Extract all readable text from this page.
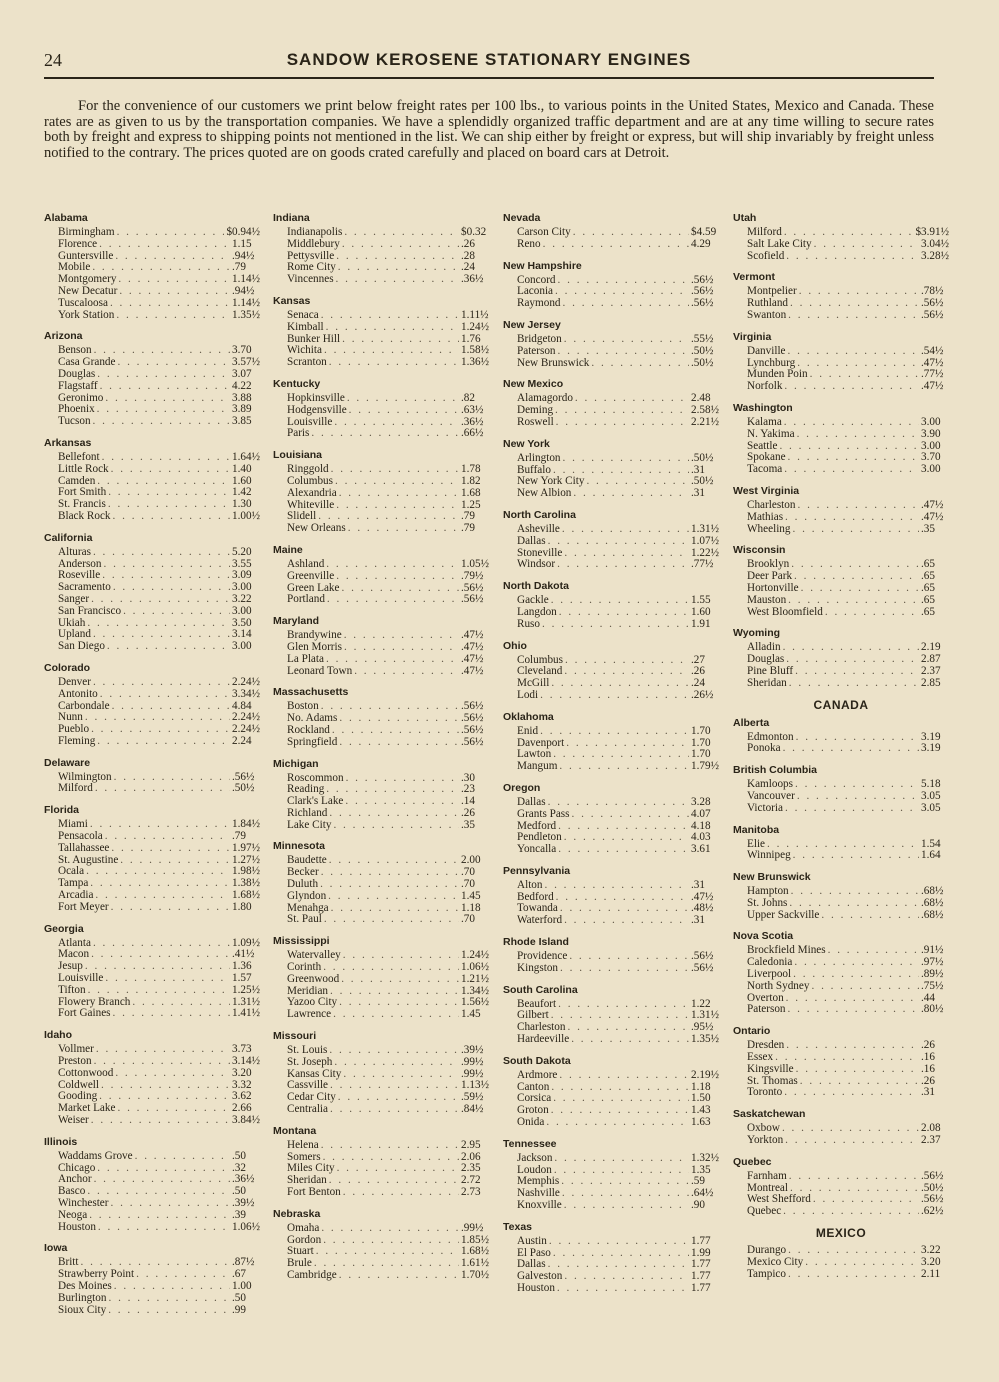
24	SANDOW KEROSENE STATIONARY ENGINES

For the convenience of our customers we print below freight rates per 100 lbs., to various points in the United States, Mexico and Canada. These rates are as given to us by the transportation companies. We have a splendidly organized traffic department and are at any time willing to secure rates both by freight and express to shipping points not mentioned in the list. We can ship either by freight or express, but will ship invariably by freight unless notified to the contrary. The prices quoted are on goods crated carefully and placed on board cars at Detroit.

Alabama
Birmingham . . .	$0.94½
Florence . . .	1.15
Guntersville . . .	.94½
Mobile . . .	.79
Montgomery . . .	1.14½
New Decatur . . .	.94½
Tuscaloosa . . .	1.14½
York Station . . .	1.35½
Arizona
Benson . . .	3.70
Casa Grande . . .	3.57½
Douglas . . .	3.07
Flagstaff . . .	4.22
Geronimo . . .	3.88
Phoenix . . .	3.89
Tucson . . .	3.85
Arkansas
Bellefont . . .	1.64½
Little Rock . . .	1.40
Camden . . .	1.60
Fort Smith . . .	1.42
St. Francis . . .	1.30
Black Rock . . .	1.00½
California
Alturas . . .	5.20
Anderson . . .	3.55
Roseville . . .	3.09
Sacramento . . .	3.00
Sanger . . .	3.22
San Francisco . . .	3.00
Ukiah . . .	3.50
Upland . . .	3.14
San Diego . . .	3.00
Colorado
Denver . . .	2.24½
Antonito . . .	3.34½
Carbondale . . .	4.84
Nunn . . .	2.24½
Pueblo . . .	2.24½
Fleming . . .	2.24
Delaware
Wilmington . . .	.56½
Milford . . .	.50½
Florida
Miami . . .	1.84½
Pensacola . . .	.79
Tallahassee . . .	1.97½
St. Augustine . . .	1.27½
Ocala . . .	1.98½
Tampa . . .	1.38½
Arcadia . . .	1.68½
Fort Meyer . . .	1.80
Georgia
Atlanta . . .	1.09½
Macon . . .	.41½
Jesup . . .	1.36
Louisville . . .	1.57
Tifton . . .	1.25½
Flowery Branch . . .	1.31½
Fort Gaines . . .	1.41½
Idaho
Vollmer . . .	3.73
Preston . . .	3.14½
Cottonwood . . .	3.20
Coldwell . . .	3.32
Gooding . . .	3.62
Market Lake . . .	2.66
Weiser . . .	3.84½
Illinois
Waddams Grove . . .	.50
Chicago . . .	.32
Anchor . . .	.36½
Basco . . .	.50
Winchester . . .	.39½
Neoga . . .	.39
Houston . . .	1.06½
Iowa
Britt . . .	.87½
Strawberry Point . . .	.67
Des Moines . . .	1.00
Burlington . . .	.50
Sioux City . . .	.99
Indiana
Indianapolis . . .	$0.32
Middlebury . . .	.26
Pettysville . . .	.28
Rome City . . .	.24
Vincennes . . .	.36½
Kansas
Senaca . . .	1.11½
Kimball . . .	1.24½
Bunker Hill . . .	1.76
Wichita . . .	1.58½
Scranton . . .	1.36½
Kentucky
Hopkinsville . . .	.82
Hodgensville . . .	.63½
Louisville . . .	.36½
Paris . . .	.66½
Louisiana
Ringgold . . .	1.78
Columbus . . .	1.82
Alexandria . . .	1.68
Whiteville . . .	1.25
Slidell . . .	.79
New Orleans . . .	.79
Maine
Ashland . . .	1.05½
Greenville . . .	.79½
Green Lake . . .	.56½
Portland . . .	.56½
Maryland
Brandywine . . .	.47½
Glen Morris . . .	.47½
La Plata . . .	.47½
Leonard Town . . .	.47½
Massachusetts
Boston . . .	.56½
No. Adams . . .	.56½
Rockland . . .	.56½
Springfield . . .	.56½
Michigan
Roscommon . . .	.30
Reading . . .	.23
Clark's Lake . . .	.14
Richland . . .	.26
Lake City . . .	.35
Minnesota
Baudette . . .	2.00
Becker . . .	.70
Duluth . . .	.70
Glyndon . . .	1.45
Menahga . . .	1.18
St. Paul . . .	.70
Mississippi
Watervalley . . .	1.24½
Corinth . . .	1.06½
Greenwood . . .	1.21½
Meridian . . .	1.34½
Yazoo City . . .	1.56½
Lawrence . . .	1.45
Missouri
St. Louis . . .	.39½
St. Joseph . . .	.99½
Kansas City . . .	.99½
Cassville . . .	1.13½
Cedar City . . .	.59½
Centralia . . .	.84½
Montana
Helena . . .	2.95
Somers . . .	2.06
Miles City . . .	2.35
Sheridan . . .	2.72
Fort Benton . . .	2.73
Nebraska
Omaha . . .	.99½
Gordon . . .	1.85½
Stuart . . .	1.68½
Brule . . .	1.61½
Cambridge . . .	1.70½
Nevada
Carson City . . .	$4.59
Reno . . .	4.29
New Hampshire
Concord . . .	.56½
Laconia . . .	.56½
Raymond . . .	.56½
New Jersey
Bridgeton . . .	.55½
Paterson . . .	.50½
New Brunswick . . .	.50½
New Mexico
Alamagordo . . .	2.48
Deming . . .	2.58½
Roswell . . .	2.21½
New York
Arlington . . .	.50½
Buffalo . . .	.31
New York City . . .	.50½
New Albion . . .	.31
North Carolina
Asheville . . .	1.31½
Dallas . . .	1.07½
Stoneville . . .	1.22½
Windsor . . .	.77½
North Dakota
Gackle . . .	1.55
Langdon . . .	1.60
Ruso . . .	1.91
Ohio
Columbus . . .	.27
Cleveland . . .	.26
McGill . . .	.24
Lodi . . .	.26½
Oklahoma
Enid . . .	1.70
Davenport . . .	1.70
Lawton . . .	1.70
Mangum . . .	1.79½
Oregon
Dallas . . .	3.28
Grants Pass . . .	4.07
Medford . . .	4.18
Pendleton . . .	4.03
Yoncalla . . .	3.61
Pennsylvania
Alton . . .	.31
Bedford . . .	.47½
Towanda . . .	.48½
Waterford . . .	.31
Rhode Island
Providence . . .	.56½
Kingston . . .	.56½
South Carolina
Beaufort . . .	1.22
Gilbert . . .	1.31½
Charleston . . .	.95½
Hardeeville . . .	1.35½
South Dakota
Ardmore . . .	2.19½
Canton . . .	1.18
Corsica . . .	1.50
Groton . . .	1.43
Onida . . .	1.63
Tennessee
Jackson . . .	1.32½
Loudon . . .	1.35
Memphis . . .	.59
Nashville . . .	.64½
Knoxville . . .	.90
Texas
Austin . . .	1.77
El Paso . . .	1.99
Dallas . . .	1.77
Galveston . . .	1.77
Houston . . .	1.77
Utah
Milford . . .	$3.91½
Salt Lake City . . .	3.04½
Scofield . . .	3.28½
Vermont
Montpelier . . .	.78½
Ruthland . . .	.56½
Swanton . . .	.56½
Virginia
Danville . . .	.54½
Lynchburg . . .	.47½
Munden Poin . . .	.77½
Norfolk . . .	.47½
Washington
Kalama . . .	3.00
N. Yakima . . .	3.90
Seattle . . .	3.00
Spokane . . .	3.70
Tacoma . . .	3.00
West Virginia
Charleston . . .	.47½
Mathias . . .	.47½
Wheeling . . .	.35
Wisconsin
Brooklyn . . .	.65
Deer Park . . .	.65
Hortonville . . .	.65
Mauston . . .	.65
West Bloomfield . . .	.65
Wyoming
Alladin . . .	2.19
Douglas . . .	2.87
Pine Bluff . . .	2.37
Sheridan . . .	2.85
CANADA
Alberta
Edmonton . . .	3.19
Ponoka . . .	3.19
British Columbia
Kamloops . . .	5.18
Vancouver . . .	3.05
Victoria . . .	3.05
Manitoba
Elie . . .	1.54
Winnipeg . . .	1.64
New Brunswick
Hampton . . .	.68½
St. Johns . . .	.68½
Upper Sackville . . .	.68½
Nova Scotia
Brockfield Mines . . .	.91½
Caledonia . . .	.97½
Liverpool . . .	.89½
North Sydney . . .	.75½
Overton . . .	.44
Paterson . . .	.80½
Ontario
Dresden . . .	.26
Essex . . .	.16
Kingsville . . .	.16
St. Thomas . . .	.26
Toronto . . .	.31
Saskatchewan
Oxbow . . .	2.08
Yorkton . . .	2.37
Quebec
Farnham . . .	.56½
Montreal . . .	.50½
West Shefford . . .	.56½
Quebec . . .	.62½
MEXICO
Durango . . .	3.22
Mexico City . . .	3.20
Tampico . . .	2.11
